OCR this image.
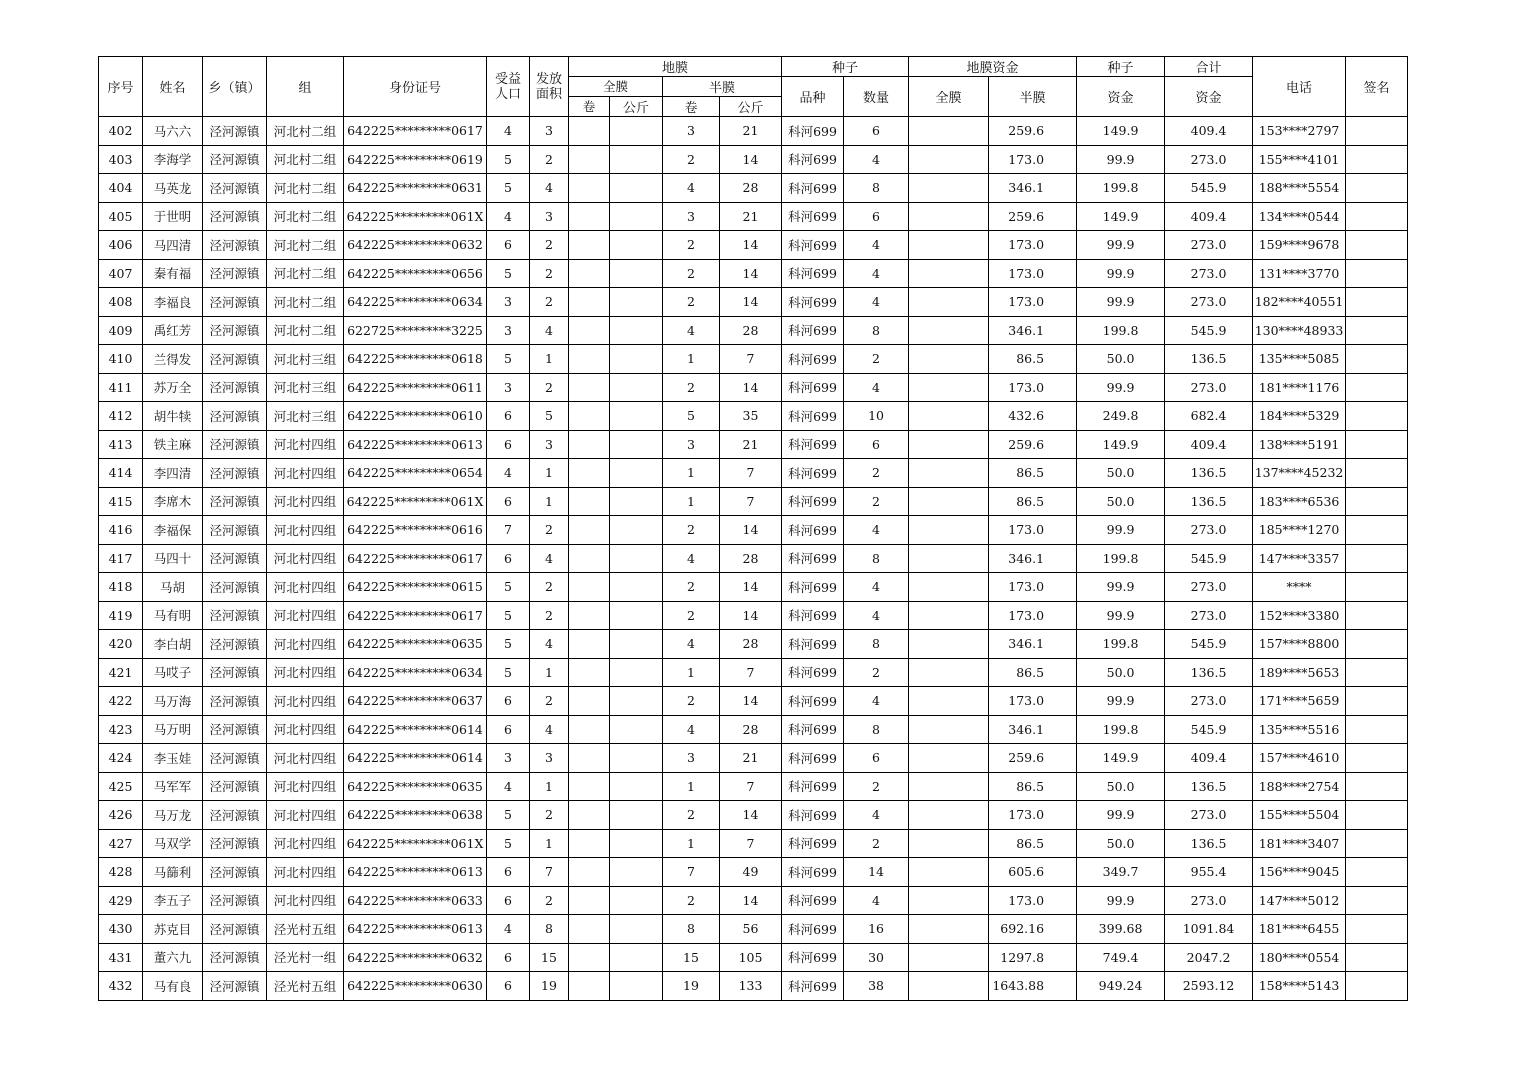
序号	姓名	乡（镇）	组	身份证号	受益人口	发放面积	地膜				种子		地膜资金		种子	合计	电话	签名
							全膜		半膜		品种	数量	全膜	半膜	资金	资金		
							卷	公斤	卷	公斤								
402	马六六	泾河源镇	河北村二组	642225*********0617	4	3			3	21	科河699	6		259.6	149.9	409.4	153****2797	
403	李海学	泾河源镇	河北村二组	642225*********0619	5	2			2	14	科河699	4		173.0	99.9	273.0	155****4101	
404	马英龙	泾河源镇	河北村二组	642225*********0631	5	4			4	28	科河699	8		346.1	199.8	545.9	188****5554	
405	于世明	泾河源镇	河北村二组	642225*********061X	4	3			3	21	科河699	6		259.6	149.9	409.4	134****0544	
406	马四清	泾河源镇	河北村二组	642225*********0632	6	2			2	14	科河699	4		173.0	99.9	273.0	159****9678	
407	秦有福	泾河源镇	河北村二组	642225*********0656	5	2			2	14	科河699	4		173.0	99.9	273.0	131****3770	
408	李福良	泾河源镇	河北村二组	642225*********0634	3	2			2	14	科河699	4		173.0	99.9	273.0	182****40551	
409	禹红芳	泾河源镇	河北村二组	622725*********3225	3	4			4	28	科河699	8		346.1	199.8	545.9	130****48933	
410	兰得发	泾河源镇	河北村三组	642225*********0618	5	1			1	7	科河699	2		86.5	50.0	136.5	135****5085	
411	苏万全	泾河源镇	河北村三组	642225*********0611	3	2			2	14	科河699	4		173.0	99.9	273.0	181****1176	
412	胡牛犊	泾河源镇	河北村三组	642225*********0610	6	5			5	35	科河699	10		432.6	249.8	682.4	184****5329	
413	铁主麻	泾河源镇	河北村四组	642225*********0613	6	3			3	21	科河699	6		259.6	149.9	409.4	138****5191	
414	李四清	泾河源镇	河北村四组	642225*********0654	4	1			1	7	科河699	2		86.5	50.0	136.5	137****45232	
415	李席木	泾河源镇	河北村四组	642225*********061X	6	1			1	7	科河699	2		86.5	50.0	136.5	183****6536	
416	李福保	泾河源镇	河北村四组	642225*********0616	7	2			2	14	科河699	4		173.0	99.9	273.0	185****1270	
417	马四十	泾河源镇	河北村四组	642225*********0617	6	4			4	28	科河699	8		346.1	199.8	545.9	147****3357	
418	马胡	泾河源镇	河北村四组	642225*********0615	5	2			2	14	科河699	4		173.0	99.9	273.0	****	
419	马有明	泾河源镇	河北村四组	642225*********0617	5	2			2	14	科河699	4		173.0	99.9	273.0	152****3380	
420	李白胡	泾河源镇	河北村四组	642225*********0635	5	4			4	28	科河699	8		346.1	199.8	545.9	157****8800	
421	马哎子	泾河源镇	河北村四组	642225*********0634	5	1			1	7	科河699	2		86.5	50.0	136.5	189****5653	
422	马万海	泾河源镇	河北村四组	642225*********0637	6	2			2	14	科河699	4		173.0	99.9	273.0	171****5659	
423	马万明	泾河源镇	河北村四组	642225*********0614	6	4			4	28	科河699	8		346.1	199.8	545.9	135****5516	
424	李玉娃	泾河源镇	河北村四组	642225*********0614	3	3			3	21	科河699	6		259.6	149.9	409.4	157****4610	
425	马军军	泾河源镇	河北村四组	642225*********0635	4	1			1	7	科河699	2		86.5	50.0	136.5	188****2754	
426	马万龙	泾河源镇	河北村四组	642225*********0638	5	2			2	14	科河699	4		173.0	99.9	273.0	155****5504	
427	马双学	泾河源镇	河北村四组	642225*********061X	5	1			1	7	科河699	2		86.5	50.0	136.5	181****3407	
428	马篩利	泾河源镇	河北村四组	642225*********0613	6	7			7	49	科河699	14		605.6	349.7	955.4	156****9045	
429	李五子	泾河源镇	河北村四组	642225*********0633	6	2			2	14	科河699	4		173.0	99.9	273.0	147****5012	
430	苏克目	泾河源镇	泾光村五组	642225*********0613	4	8			8	56	科河699	16		692.16	399.68	1091.84	181****6455	
431	董六九	泾河源镇	泾光村一组	642225*********0632	6	15			15	105	科河699	30		1297.8	749.4	2047.2	180****0554	
432	马有良	泾河源镇	泾光村五组	642225*********0630	6	19			19	133	科河699	38		1643.88	949.24	2593.12	158****5143	
